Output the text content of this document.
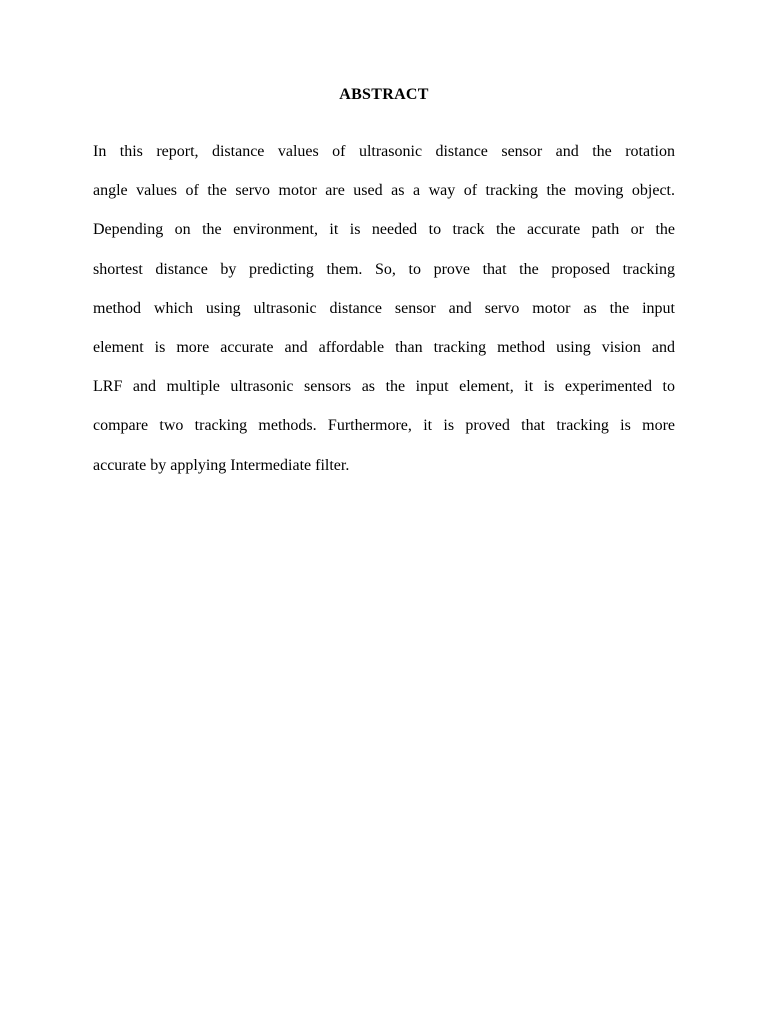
ABSTRACT
In this report, distance values of ultrasonic distance sensor and the rotation
angle values of the servo motor are used as a way of tracking the moving object.
Depending on the environment, it is needed to track the accurate path or the
shortest distance by predicting them. So, to prove that the proposed tracking
method which using ultrasonic distance sensor and servo motor as the input
element is more accurate and affordable than tracking method using vision and
LRF and multiple ultrasonic sensors as the input element, it is experimented to
compare two tracking methods. Furthermore, it is proved that tracking is more
accurate by applying Intermediate filter.
